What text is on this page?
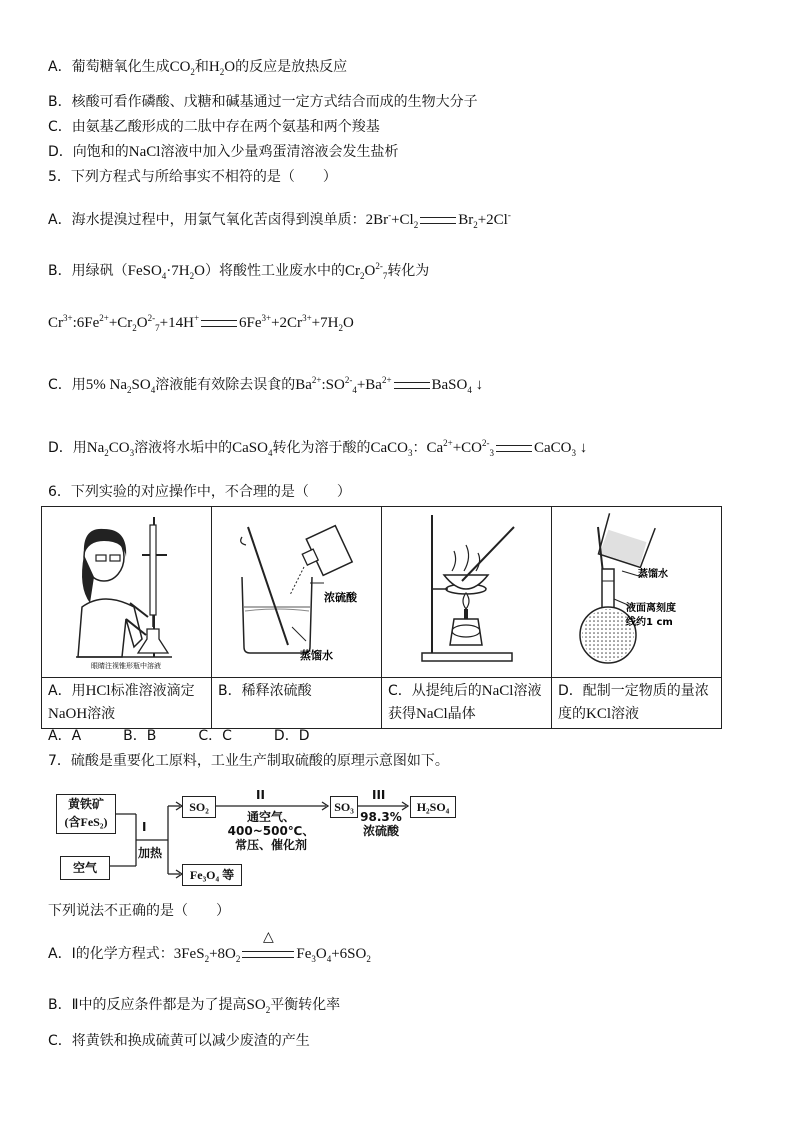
A．葡萄糖氧化生成$CO_2$和$H_2O$的反应是放热反应
B．核酸可看作磷酸、戊糖和碱基通过一定方式结合而成的生物大分子
C．由氨基乙酸形成的二肽中存在两个氨基和两个羧基
D．向饱和的NaCl溶液中加入少量鸡蛋清溶液会发生盐析
5．下列方程式与所给事实不相符的是（　　）
A．海水提溴过程中，用氯气氧化苦卤得到溴单质：$2Br^-+Cl_2$	$Br_2+2Cl^-$
B．用绿矾$(FeSO_4\cdot 7H_2O)$将酸性工业废水中的$Cr_2O^{2-}_7$转化为
$Cr^{3+}:6Fe^{2+}+Cr_2O^{2-}_7+14H^+$	$6Fe^{3+}+2Cr^{3+}+7H_2O$
C．用5% $Na_2SO_4$溶液能有效除去误食的$Ba^{2+}:SO^{2-}_4+Ba^{2+}$	BaSO$_4$ ↓
D．用$Na_2CO_3$溶液将水垢中的CaSO$_4$转化为溶于酸的CaCO$_3$：$Ca^{2+}+CO^{2-}_3$	CaCO$_3$ ↓
6．下列实验的对应操作中，不合理的是（　　）
眼睛注视锥形瓶中溶液	浓硫酸
蒸馏水		蒸馏水
液面离刻度
线约1 cm

A．用HCl标准溶液滴定NaOH溶液	B．稀释浓硫酸	C．从提纯后的NaCl溶液获得NaCl晶体	D．配制一定物质的量浓度的KCl溶液
A．A　　　B．B　　　C．C　　　D．D
7．硫酸是重要化工原料，工业生产制取硫酸的原理示意图如下。
黄铁矿
(含FeS₂)
空气
I
加热
SO₂
Fe₃O₄ 等
II
通空气、
400~500℃、
常压、催化剂
SO₃
III
98.3%
浓硫酸
H₂SO₄
下列说法不正确的是（　　）
A．Ⅰ的化学方程式：$3FeS_2+8O_2$
△
$Fe_3O_4+6SO_2$
B．Ⅱ中的反应条件都是为了提高$SO_2$平衡转化率
C．将黄铁和换成硫黄可以减少废渣的产生
